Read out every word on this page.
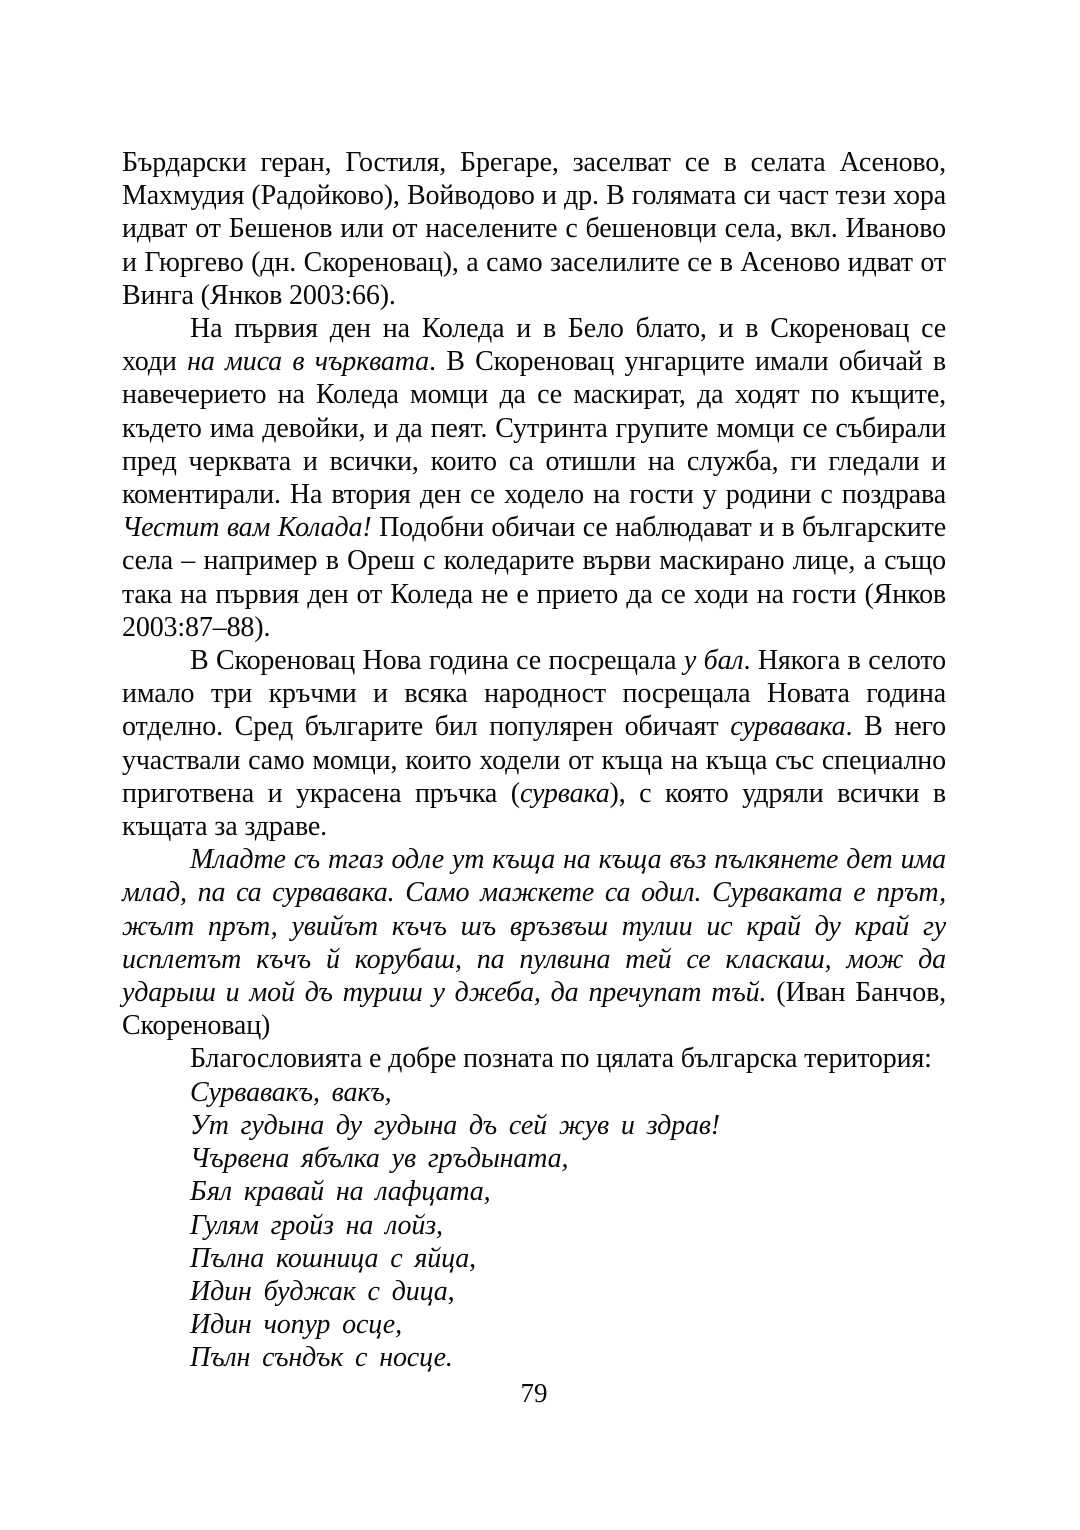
Бърдарски геран, Гостиля, Брегаре, заселват се в селата Асеново, Махмудия (Радойково), Войводово и др. В голямата си част тези хора идват от Бешенов или от населените с бешеновци села, вкл. Иваново и Гюргево (дн. Скореновац), а само заселилите се в Асеново идват от Винга (Янков 2003:66).

На първия ден на Коледа и в Бело блато, и в Скореновац се ходи на миса в чърквата. В Скореновац унгарците имали обичай в навечерието на Коледа момци да се маскират, да ходят по къщите, където има девойки, и да пеят. Сутринта групите момци се събирали пред черквата и всички, които са отишли на служба, ги гледали и коментирали. На втория ден се ходело на гости у родини с поздрава Честит вам Колада! Подобни обичаи се наблюдават и в българските села – например в Ореш с коледарите върви маскирано лице, а също така на първия ден от Коледа не е прието да се ходи на гости (Янков 2003:87–88).

В Скореновац Нова година се посрещала у бал. Някога в селото имало три кръчми и всяка народност посрещала Новата година отделно. Сред българите бил популярен обичаят сурвавака. В него участвали само момци, които ходели от къща на къща със специално приготвена и украсена пръчка (сурвака), с която удряли всички в къщата за здраве.

Младте съ тгаз одле ут къща на къща въз пълкянете дет има млад, па са сурвавака. Само мажкете са одил. Сурваката е прът, жълт прът, увийът къчъ шъ връзвъш тулии ис край ду край гу исплетът къчъ й корубаш, па пулвина тей се класкаш, мож да ударыш и мой дъ туриш у джеба, да пречупат тъй. (Иван Банчов, Скореновац)

Благословията е добре позната по цялата българска територия:

Сурвавакъ, вакъ,
Ут гудына ду гудына дъ сей жув и здрав!
Чървена ябълка ув гръдыната,
Бял кравай на лафцата,
Гулям гройз на лойз,
Пълна кошница с яйца,
Идин буджак с дица,
Идин чопур осце,
Пълн съндък с носце.
79
